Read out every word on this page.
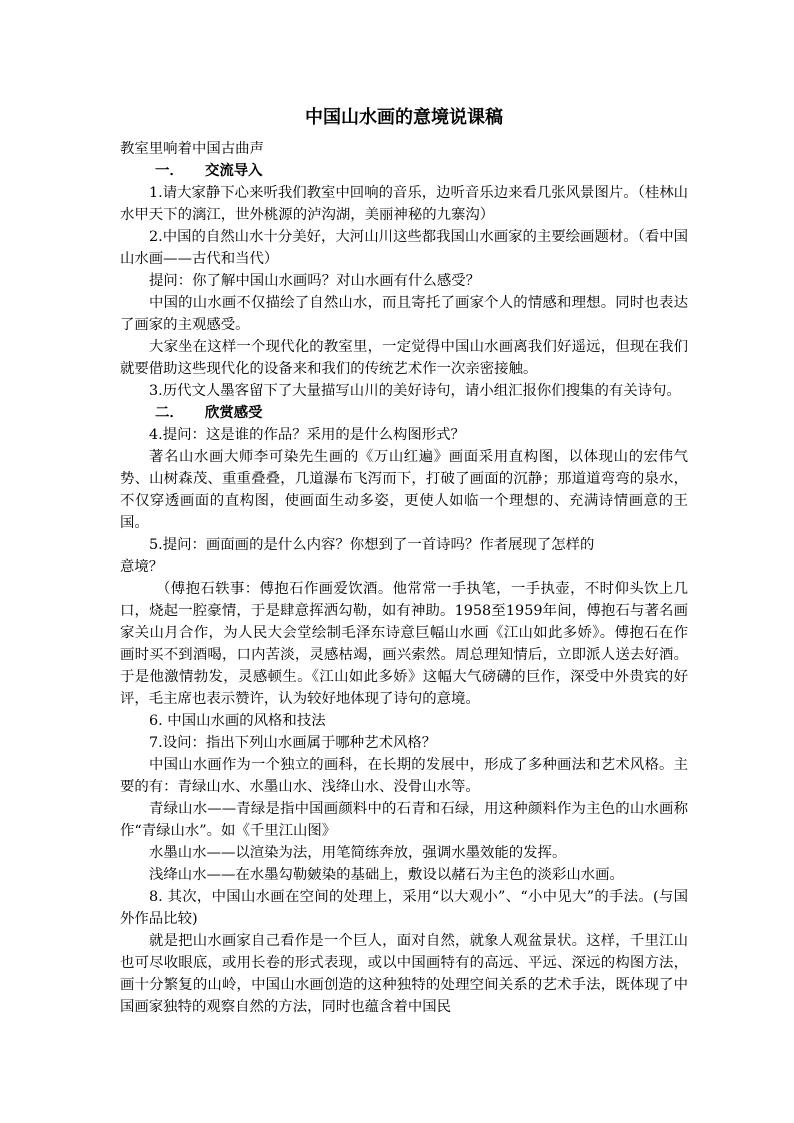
中国山水画的意境说课稿

教室里响着中国古曲声

一． 交流导入

1.请大家静下心来听我们教室中回响的音乐，边听音乐边来看几张风景图片。（桂林山水甲天下的漓江，世外桃源的泸沟湖，美丽神秘的九寨沟）

2.中国的自然山水十分美好，大河山川这些都我国山水画家的主要绘画题材。（看中国山水画——古代和当代）

提问：你了解中国山水画吗？对山水画有什么感受？

中国的山水画不仅描绘了自然山水，而且寄托了画家个人的情感和理想。同时也表达了画家的主观感受。

大家坐在这样一个现代化的教室里，一定觉得中国山水画离我们好遥远，但现在我们就要借助这些现代化的设备来和我们的传统艺术作一次亲密接触。

3.历代文人墨客留下了大量描写山川的美好诗句，请小组汇报你们搜集的有关诗句。

二． 欣赏感受

4.提问：这是谁的作品？采用的是什么构图形式？

著名山水画大师李可染先生画的《万山红遍》画面采用直构图，以体现山的宏伟气势、山树森茂、重重叠叠，几道瀑布飞泻而下，打破了画面的沉静；那道道弯弯的泉水，不仅穿透画面的直构图，使画面生动多姿，更使人如临一个理想的、充满诗情画意的王国。

5.提问：画面画的是什么内容？你想到了一首诗吗？作者展现了怎样的

意境？

（傅抱石轶事：傅抱石作画爱饮酒。他常常一手执笔，一手执壶，不时仰头饮上几口，烧起一腔豪情，于是肆意挥洒勾勒，如有神助。1958至1959年间，傅抱石与著名画家关山月合作，为人民大会堂绘制毛泽东诗意巨幅山水画《江山如此多娇》。傅抱石在作画时买不到酒喝，口内苦淡，灵感枯竭，画兴索然。周总理知情后，立即派人送去好酒。于是他激情勃发，灵感顿生。《江山如此多娇》这幅大气磅礴的巨作，深受中外贵宾的好评，毛主席也表示赞许，认为较好地体现了诗句的意境。

6. 中国山水画的风格和技法

7.设问：指出下列山水画属于哪种艺术风格？

中国山水画作为一个独立的画科，在长期的发展中，形成了多种画法和艺术风格。主要的有：青绿山水、水墨山水、浅绛山水、没骨山水等。

青绿山水——青绿是指中国画颜料中的石青和石绿，用这种颜料作为主色的山水画称作“青绿山水”。如《千里江山图》

水墨山水——以渲染为法，用笔简练奔放，强调水墨效能的发挥。

浅绛山水——在水墨勾勒皴染的基础上，敷设以赭石为主色的淡彩山水画。

8. 其次，中国山水画在空间的处理上，采用“以大观小”、“小中见大”的手法。(与国外作品比较)

就是把山水画家自己看作是一个巨人，面对自然，就象人观盆景状。这样，千里江山也可尽收眼底，或用长卷的形式表现，或以中国画特有的高远、平远、深远的构图方法，画十分繁复的山岭，中国山水画创造的这种独特的处理空间关系的艺术手法，既体现了中国画家独特的观察自然的方法，同时也蕴含着中国民
